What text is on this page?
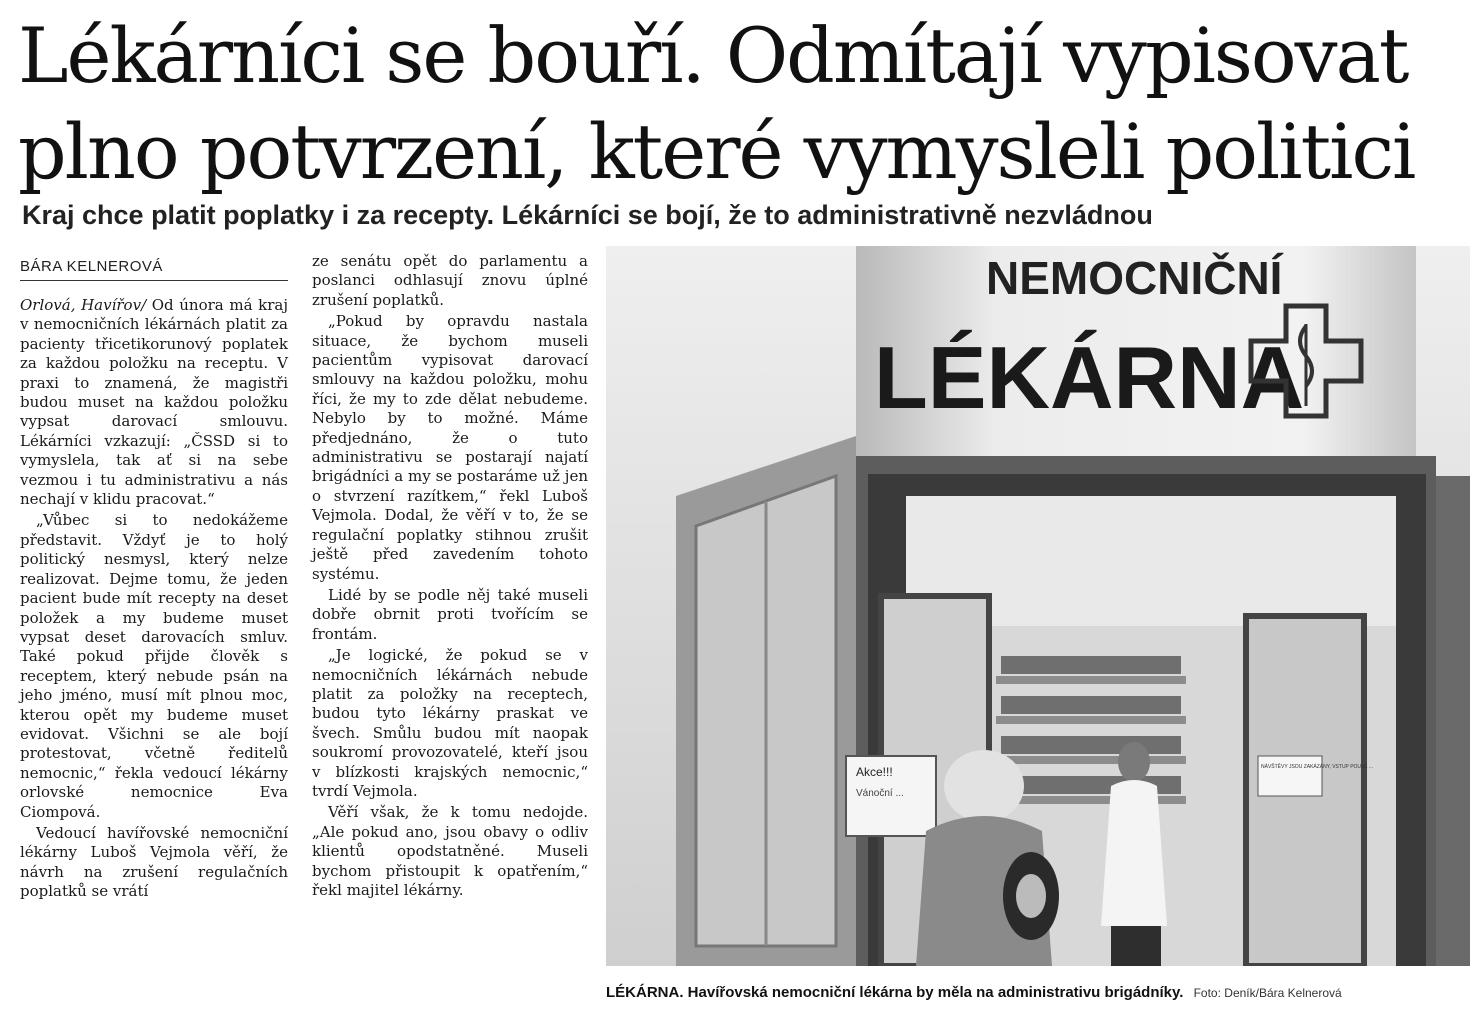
Lékárníci se bouří. Odmítají vypisovat
plno potvrzení, které vymysleli politici
Kraj chce platit poplatky i za recepty. Lékárníci se bojí, že to administrativně nezvládnou
BÁRA KELNEROVÁ

Orlová, Havířov/ Od února má kraj v nemocničních lékárnách platit za pacienty třicetikorunový poplatek za každou položku na receptu. V praxi to znamená, že magistři budou muset na každou položku vypsat darovací smlouvu. Lékárníci vzkazují: „ČSSD si to vymyslela, tak ať si na sebe vezmou i tu administrativu a nás nechají v klidu pracovat.“

„Vůbec si to nedokážeme představit. Vždyť je to holý politický nesmysl, který nelze realizovat. Dejme tomu, že jeden pacient bude mít recepty na deset položek a my budeme muset vypsat deset darovacích smluv. Také pokud přijde člověk s receptem, který nebude psán na jeho jméno, musí mít plnou moc, kterou opět my budeme muset evidovat. Všichni se ale bojí protestovat, včetně ředitelů nemocnic,“ řekla vedoucí lékárny orlovské nemocnice Eva Ciompová.

Vedoucí havířovské nemocniční lékárny Luboš Vejmola věří, že návrh na zrušení regulačních poplatků se vrátí

ze senátu opět do parlamentu a poslanci odhlasují znovu úplné zrušení poplatků.

„Pokud by opravdu nastala situace, že bychom museli pacientům vypisovat darovací smlouvy na každou položku, mohu říci, že my to zde dělat nebudeme. Nebylo by to možné. Máme předjednáno, že o tuto administrativu se postarají najatí brigádníci a my se postaráme už jen o stvrzení razítkem,“ řekl Luboš Vejmola. Dodal, že věří v to, že se regulační poplatky stihnou zrušit ještě před zavedením tohoto systému.

Lidé by se podle něj také museli dobře obrnit proti tvořícím se frontám.

„Je logické, že pokud se v nemocničních lékárnách nebude platit za položky na receptech, budou tyto lékárny praskat ve švech. Smůlu budou mít naopak soukromí provozovatelé, kteří jsou v blízkosti krajských nemocnic,“ tvrdí Vejmola.

Věří však, že k tomu nedojde. „Ale pokud ano, jsou obavy o odliv klientů opodstatněné. Museli bychom přistoupit k opatřením,“ řekl majitel lékárny.

NEMOCNIČNÍ
LÉKÁRNA
Akce!!!
Vánoční ...
NÁVŠTĚVY JSOU ZAKÁZÁNY, VSTUP POUZE ...
LÉKÁRNA. Havířovská nemocniční lékárna by měla na administrativu brigádníky. Foto: Deník/Bára Kelnerová
